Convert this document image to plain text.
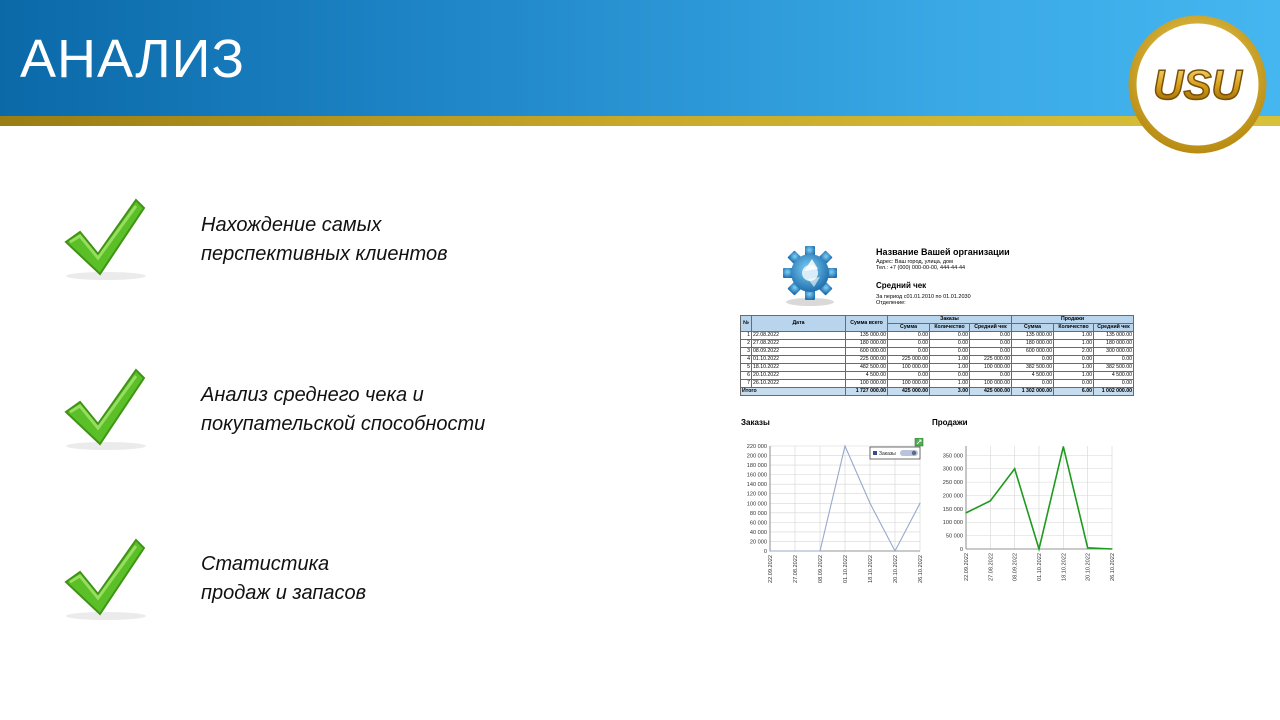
АНАЛИЗ	USU
Нахождение самых
перспективных клиентов
Анализ среднего чека и
покупательской способности
Статистика
продаж и запасов
Название Вашей организации
Адрес: Ваш город, улица, дом
Тел.: +7 (000) 000-00-00, 444-44-44
Средний чек
За период с01.01.2010 по 01.01.2030
Отделение:
№	Дата	Сумма всего	Заказы			Продажи		
			Сумма	Количество	Средний чек	Сумма	Количество	Средний чек
1	22.08.2022	135 000.00	0.00	0.00	0.00	135 000.00	1.00	135 000.00
2	27.08.2022	180 000.00	0.00	0.00	0.00	180 000.00	1.00	180 000.00
3	08.09.2022	600 000.00	0.00	0.00	0.00	600 000.00	2.00	300 000.00
4	01.10.2022	225 000.00	225 000.00	1.00	225 000.00	0.00	0.00	0.00
5	18.10.2022	482 500.00	100 000.00	1.00	100 000.00	382 500.00	1.00	382 500.00
6	20.10.2022	4 500.00	0.00	0.00	0.00	4 500.00	1.00	4 500.00
7	26.10.2022	100 000.00	100 000.00	1.00	100 000.00	0.00	0.00	0.00
Итого		1 727 000.00	425 000.00	3.00	425 000.00	1 302 000.00	6.00	1 002 000.00
Заказы	Продажи
220 000
200 000
180 000
160 000
140 000
120 000
100 000
80 000
60 000
40 000
20 000
0
22.09.2022	27.08.2022	08.09.2022	01.10.2022	18.10.2022	20.10.2022	26.10.2022
Заказы	350 000
300 000
250 000
200 000
150 000
100 000
50 000
0
22.09.2022	27.08.2022	08.09.2022	01.10.2022	18.10.2022	20.10.2022	26.10.2022
